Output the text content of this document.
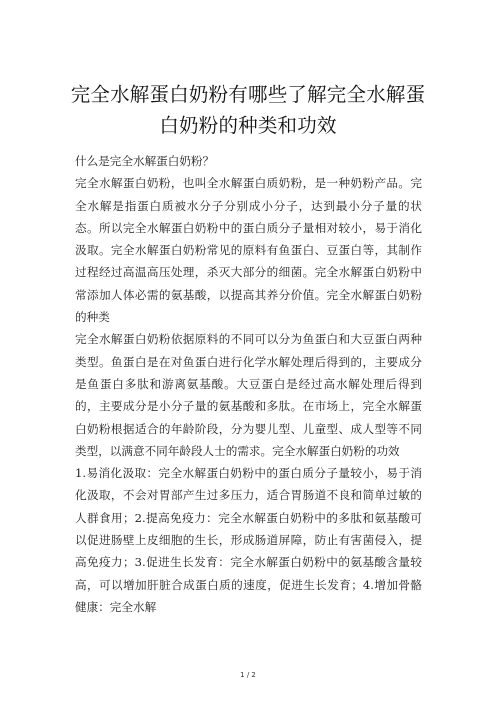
完全水解蛋白奶粉有哪些了解完全水解蛋
白奶粉的种类和功效

什么是完全水解蛋白奶粉？

完全水解蛋白奶粉，也叫全水解蛋白质奶粉，是一种奶粉产品。完全水解是指蛋白质被水分子分别成小分子，达到最小分子量的状态。所以完全水解蛋白奶粉中的蛋白质分子量相对较小，易于消化汲取。完全水解蛋白奶粉常见的原料有鱼蛋白、豆蛋白等，其制作过程经过高温高压处理，杀灭大部分的细菌。完全水解蛋白奶粉中常添加人体必需的氨基酸，以提高其养分价值。完全水解蛋白奶粉的种类

完全水解蛋白奶粉依据原料的不同可以分为鱼蛋白和大豆蛋白两种类型。鱼蛋白是在对鱼蛋白进行化学水解处理后得到的，主要成分是鱼蛋白多肽和游离氨基酸。大豆蛋白是经过高水解处理后得到的，主要成分是小分子量的氨基酸和多肽。在市场上，完全水解蛋白奶粉根据适合的年龄阶段，分为婴儿型、儿童型、成人型等不同类型，以满意不同年龄段人士的需求。完全水解蛋白奶粉的功效

1.易消化汲取：完全水解蛋白奶粉中的蛋白质分子量较小，易于消化汲取，不会对胃部产生过多压力，适合胃肠道不良和简单过敏的人群食用；2.提高免疫力：完全水解蛋白奶粉中的多肽和氨基酸可以促进肠壁上皮细胞的生长，形成肠道屏障，防止有害菌侵入，提高免疫力；3.促进生长发育：完全水解蛋白奶粉中的氨基酸含量较高，可以增加肝脏合成蛋白质的速度，促进生长发育；4.增加骨骼健康：完全水解

1 / 2
